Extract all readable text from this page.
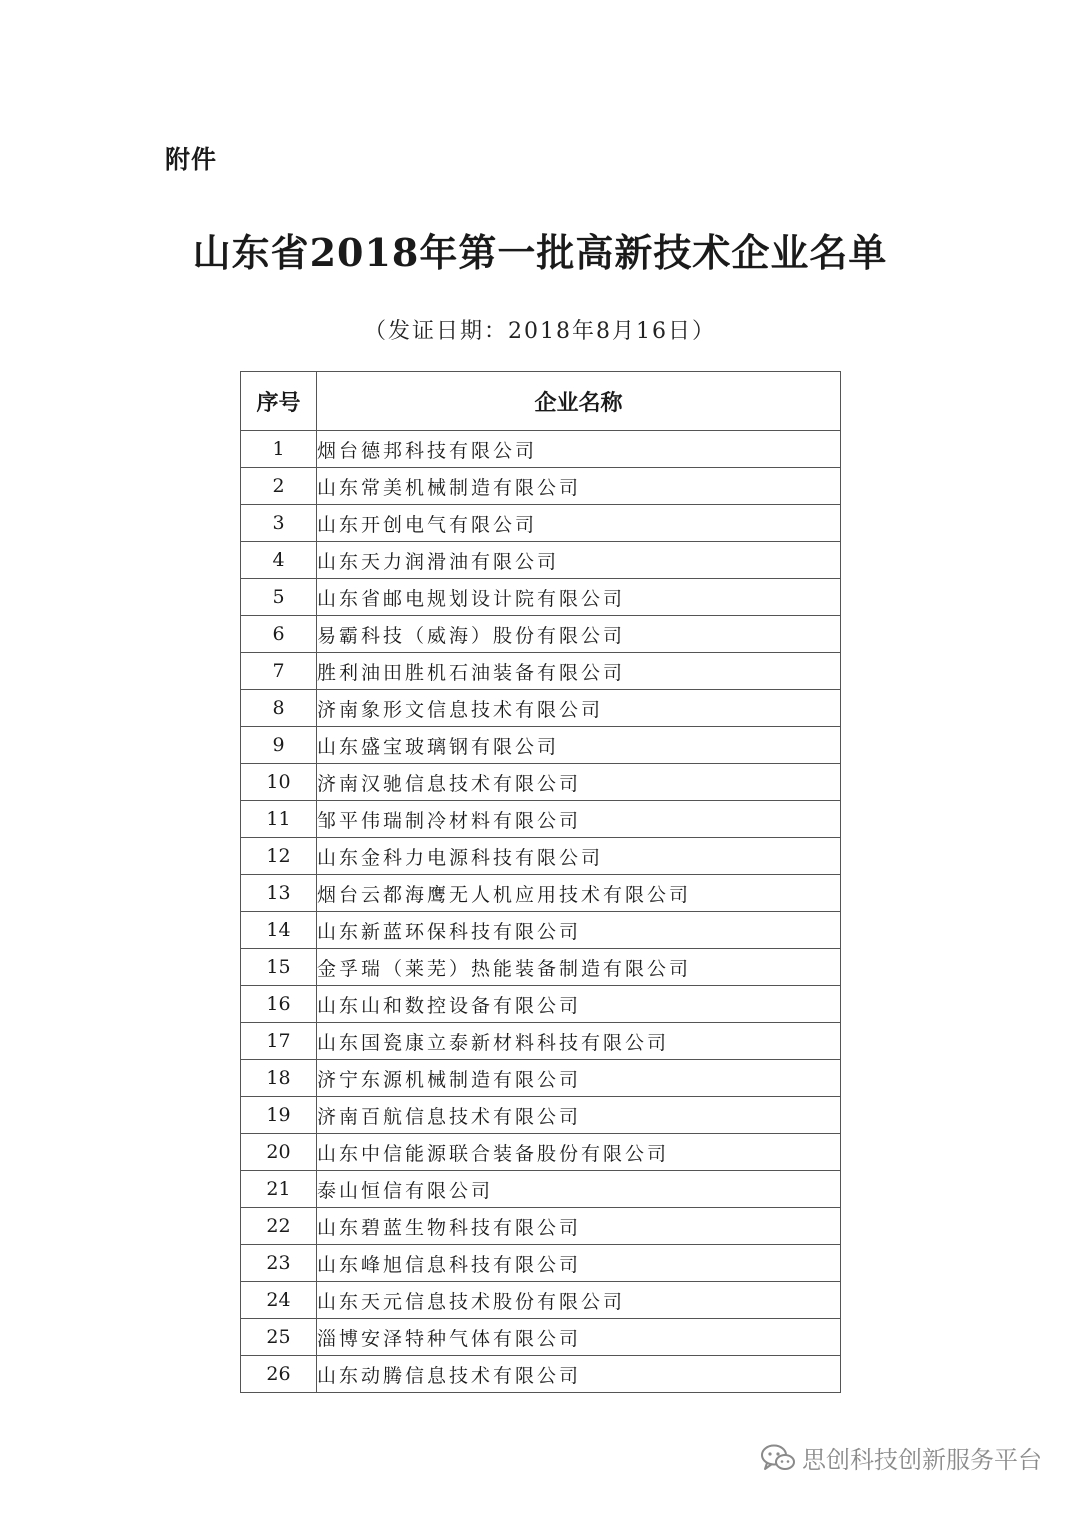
附件
山东省2018年第一批高新技术企业名单
（发证日期：2018年8月16日）
序号	企业名称
1	烟台德邦科技有限公司
2	山东常美机械制造有限公司
3	山东开创电气有限公司
4	山东天力润滑油有限公司
5	山东省邮电规划设计院有限公司
6	易霸科技（威海）股份有限公司
7	胜利油田胜机石油装备有限公司
8	济南象形文信息技术有限公司
9	山东盛宝玻璃钢有限公司
10	济南汉驰信息技术有限公司
11	邹平伟瑞制冷材料有限公司
12	山东金科力电源科技有限公司
13	烟台云都海鹰无人机应用技术有限公司
14	山东新蓝环保科技有限公司
15	金孚瑞（莱芜）热能装备制造有限公司
16	山东山和数控设备有限公司
17	山东国瓷康立泰新材料科技有限公司
18	济宁东源机械制造有限公司
19	济南百航信息技术有限公司
20	山东中信能源联合装备股份有限公司
21	泰山恒信有限公司
22	山东碧蓝生物科技有限公司
23	山东峰旭信息科技有限公司
24	山东天元信息技术股份有限公司
25	淄博安泽特种气体有限公司
26	山东动腾信息技术有限公司
思创科技创新服务平台
